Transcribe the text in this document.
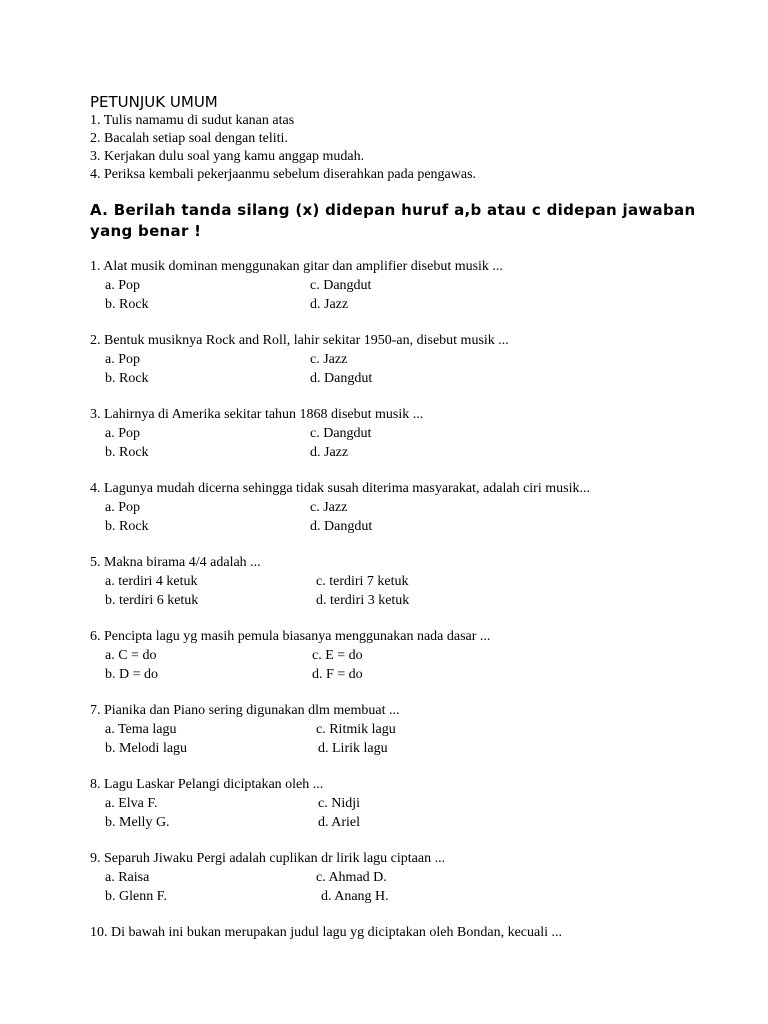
PETUNJUK UMUM

1. Tulis namamu di sudut kanan atas

2. Bacalah setiap soal dengan teliti.

3. Kerjakan dulu soal yang kamu anggap mudah.

4. Periksa kembali pekerjaanmu sebelum diserahkan pada pengawas.

A. Berilah tanda silang (x) didepan huruf a,b atau c didepan jawaban yang benar !

1. Alat musik dominan menggunakan gitar dan amplifier disebut musik ...

a. Pop	c. Dangdut
b. Rock	d. Jazz

2. Bentuk musiknya Rock and Roll, lahir sekitar 1950-an, disebut musik ...

a. Pop	c. Jazz
b. Rock	d. Dangdut

3. Lahirnya di Amerika sekitar tahun 1868 disebut musik ...

a. Pop	c. Dangdut
b. Rock	d. Jazz

4. Lagunya mudah dicerna sehingga tidak susah diterima masyarakat, adalah ciri musik...

a. Pop	c. Jazz
b. Rock	d. Dangdut

5. Makna birama 4/4 adalah ...

a. terdiri 4 ketuk	c. terdiri 7 ketuk
b. terdiri 6 ketuk	d. terdiri 3 ketuk

6. Pencipta lagu yg masih pemula biasanya menggunakan nada dasar ...

a. C = do	c. E = do
b. D = do	d. F = do

7. Pianika dan Piano sering digunakan dlm membuat ...

a. Tema lagu	c. Ritmik lagu
b. Melodi lagu	d. Lirik lagu

8. Lagu Laskar Pelangi diciptakan oleh ...

a. Elva F.	c. Nidji
b. Melly G.	d. Ariel

9. Separuh Jiwaku Pergi adalah cuplikan dr lirik lagu ciptaan ...

a. Raisa	c. Ahmad D.
b. Glenn F.	d. Anang H.

10. Di bawah ini bukan merupakan judul lagu yg diciptakan oleh Bondan, kecuali ...
